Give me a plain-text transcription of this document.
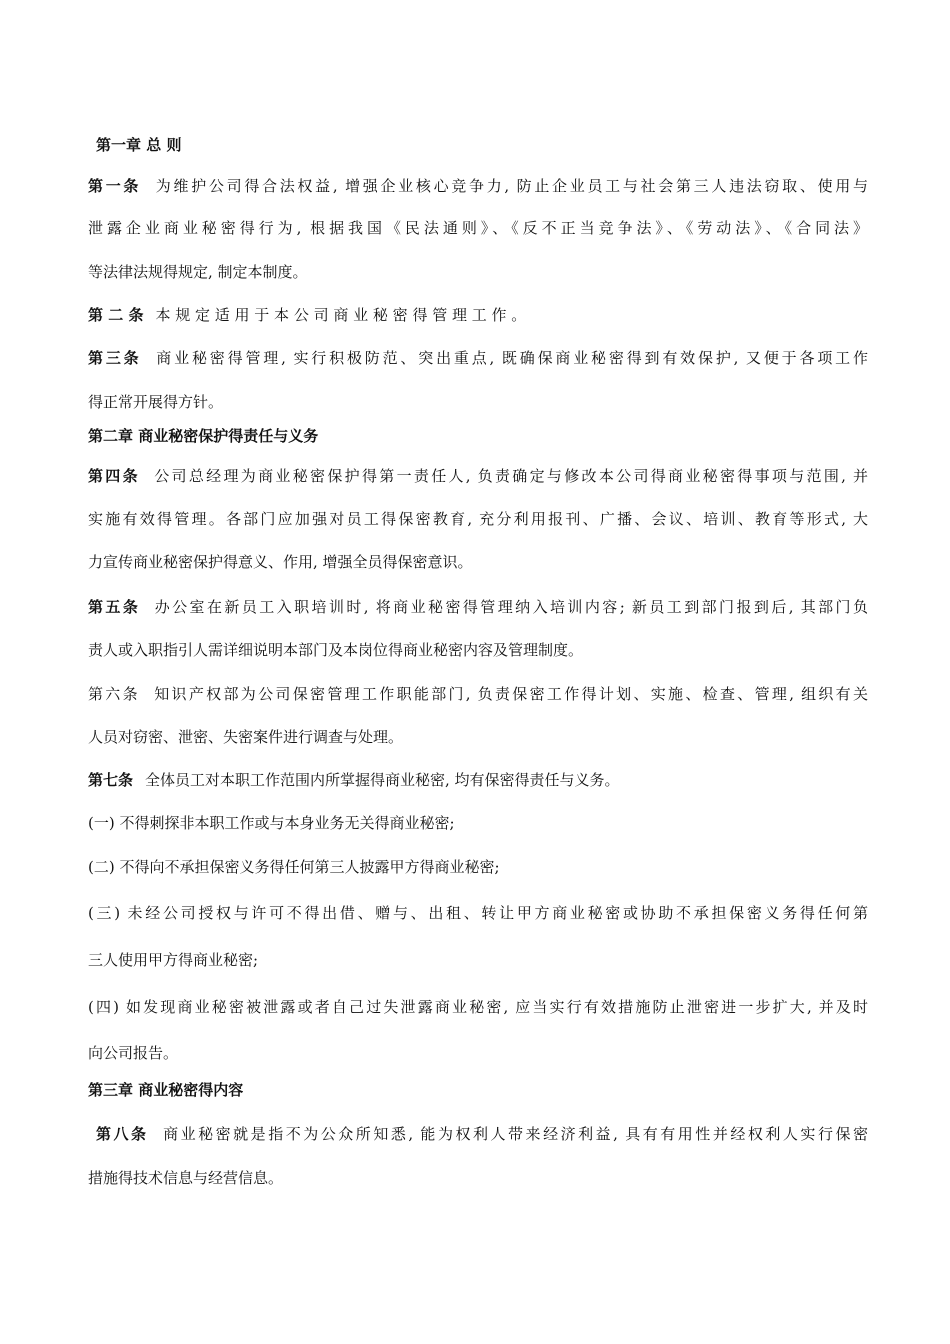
第一章 总 则
第一条 为维护公司得合法权益, 增强企业核心竞争力, 防止企业员工与社会第三人违法窃取、使用与
泄露企业商业秘密得行为, 根据我国《民法通则》、《反不正当竞争法》、《劳动法》、《合同法》
等法律法规得规定, 制定本制度。
第 二 条 本 规 定 适 用 于 本 公 司 商 业 秘 密 得 管 理 工 作 。
第三条 商业秘密得管理, 实行积极防范、突出重点, 既确保商业秘密得到有效保护, 又便于各项工作
得正常开展得方针。
第二章 商业秘密保护得责任与义务
第四条 公司总经理为商业秘密保护得第一责任人, 负责确定与修改本公司得商业秘密得事项与范围, 并
实施有效得管理。各部门应加强对员工得保密教育, 充分利用报刊、广播、会议、培训、教育等形式, 大
力宣传商业秘密保护得意义、作用, 增强全员得保密意识。
第五条 办公室在新员工入职培训时, 将商业秘密得管理纳入培训内容; 新员工到部门报到后, 其部门负
责人或入职指引人需详细说明本部门及本岗位得商业秘密内容及管理制度。
第六条 知识产权部为公司保密管理工作职能部门, 负责保密工作得计划、实施、检查、管理, 组织有关
人员对窃密、泄密、失密案件进行调查与处理。
第七条 全体员工对本职工作范围内所掌握得商业秘密, 均有保密得责任与义务。
(一) 不得刺探非本职工作或与本身业务无关得商业秘密;
(二) 不得向不承担保密义务得任何第三人披露甲方得商业秘密;
(三) 未经公司授权与许可不得出借、赠与、出租、转让甲方商业秘密或协助不承担保密义务得任何第
三人使用甲方得商业秘密;
(四) 如发现商业秘密被泄露或者自己过失泄露商业秘密, 应当实行有效措施防止泄密进一步扩大, 并及时
向公司报告。
第三章 商业秘密得内容
第八条 商业秘密就是指不为公众所知悉, 能为权利人带来经济利益, 具有有用性并经权利人实行保密
措施得技术信息与经营信息。
